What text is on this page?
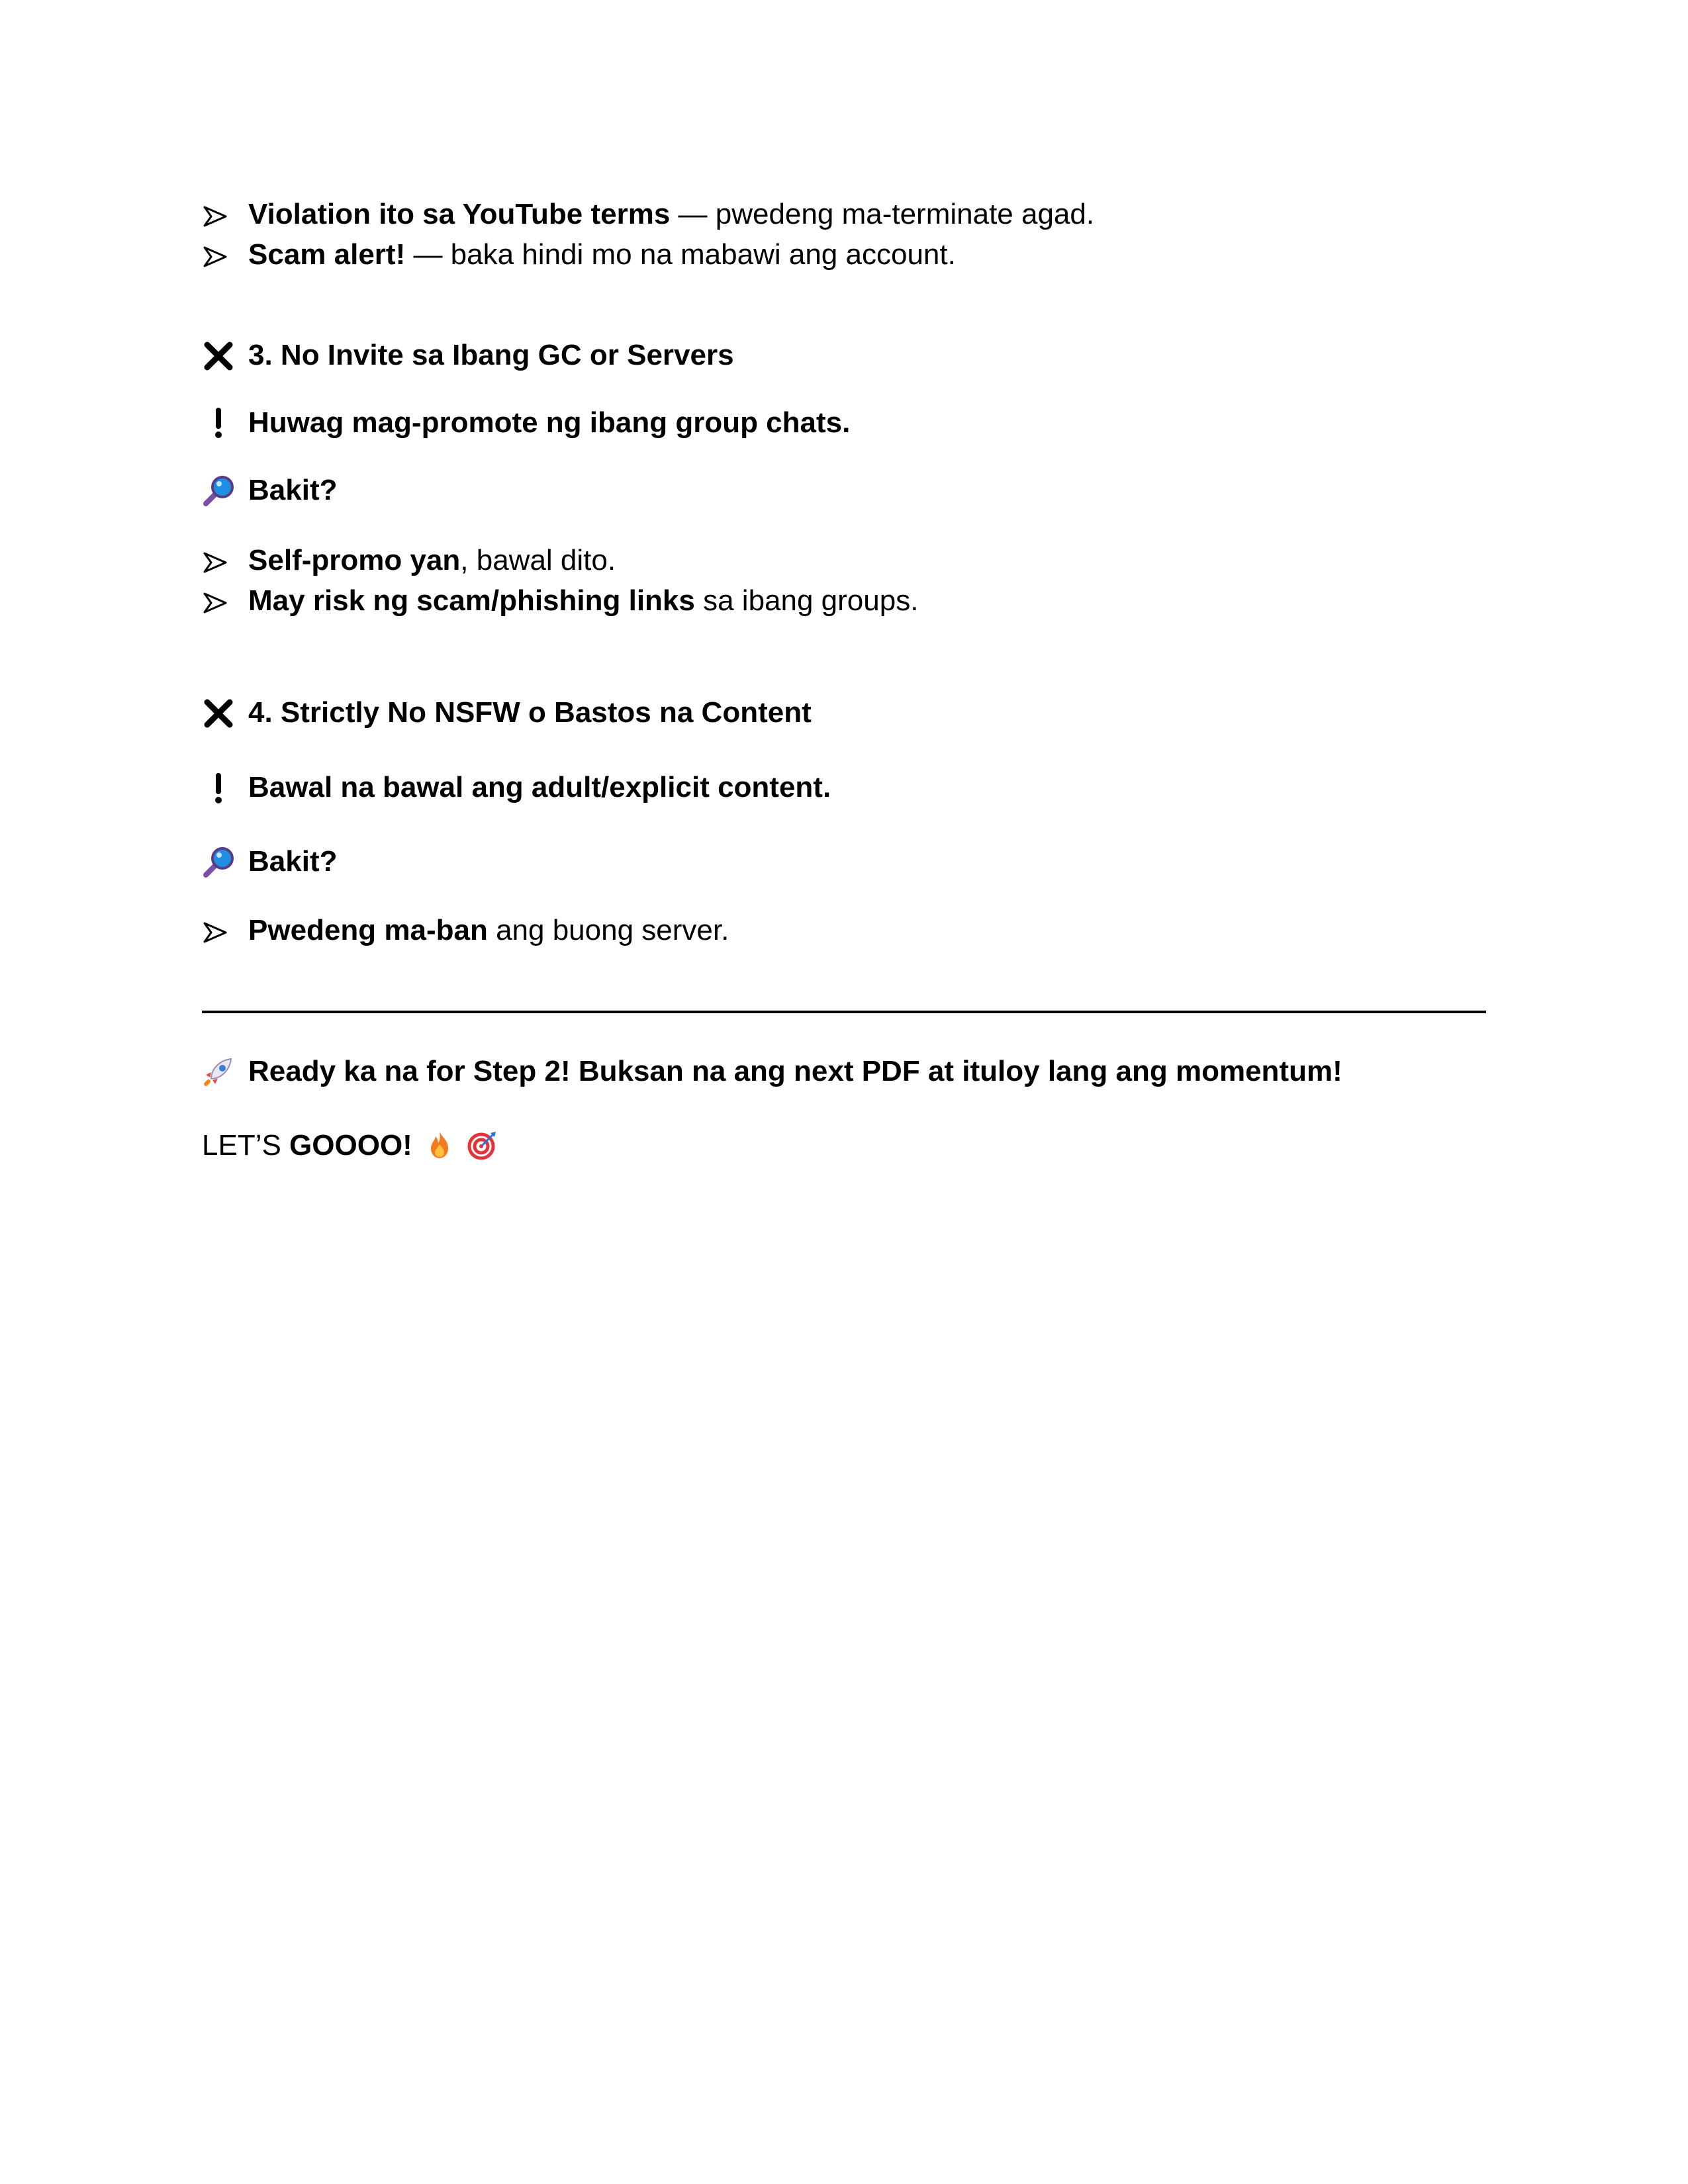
Violation ito sa YouTube terms — pwedeng ma-terminate agad.
Scam alert! — baka hindi mo na mabawi ang account.
3. No Invite sa Ibang GC or Servers
Huwag mag-promote ng ibang group chats.
Bakit?
Self-promo yan, bawal dito.
May risk ng scam/phishing links sa ibang groups.
4. Strictly No NSFW o Bastos na Content
Bawal na bawal ang adult/explicit content.
Bakit?
Pwedeng ma-ban ang buong server.
Ready ka na for Step 2! Buksan na ang next PDF at ituloy lang ang momentum!
LET’S GOOOO!
